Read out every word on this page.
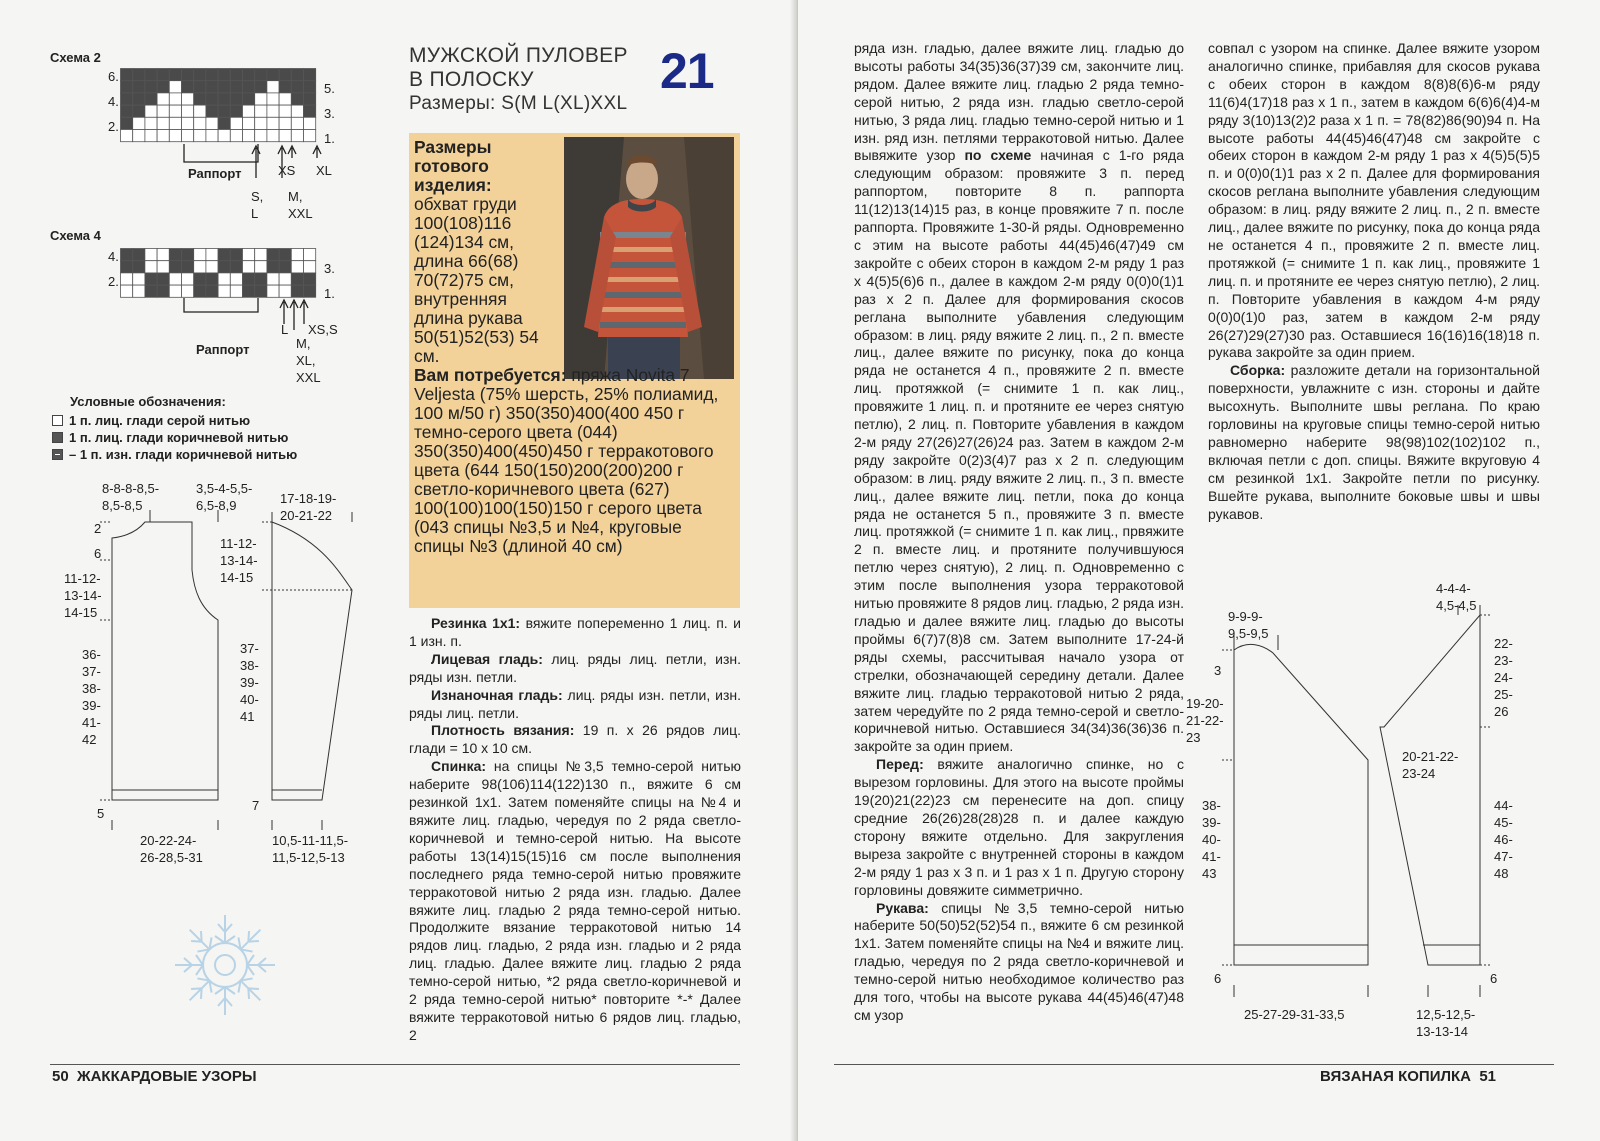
Схема 2
6.
4.
2.
5.
3.
1.
Раппорт	XS XL
S,
L
M,
XXL
Схема 4
4.
2.
3.
1.
Раппорт
L XS,S
M,
XL,
XXL
Условные обозначения:
1 п. лиц. глади серой нитью
1 п. лиц. глади коричневой нитью
– 1 п. изн. глади коричневой нитью
8-8-8-8,5-
8,5-8,5
3,5-4-5,5-
6,5-8,9
2
6
11-12-
13-14-
14-15
36-
37-
38-
39-
41-
42
5
20-22-24-
26-28,5-31
17-18-19-
20-21-22
11-12-
13-14-
14-15
37-
38-
39-
40-
41
7
10,5-11-11,5-
11,5-12,5-13
МУЖСКОЙ ПУЛОВЕР
В ПОЛОСКУ
Размеры: S(M L(XL)XXL
21
Размеры готового изделия:
обхват груди 100(108)116 (124)134 см, длина 66(68) 70(72)75 см, внутренняя длина рукава 50(51)52(53) 54 см.
Вам потребуется: пряжа Novita 7 Veljesta (75% шерсть, 25% полиамид, 100 м/50 г) 350(350)400(400 450 г темно-серого цвета (044) 350(350)400(450)450 г терракотового цвета (644 150(150)200(200)200 г светло-коричневого цвета (627) 100(100)100(150)150 г серого цвета (043 спицы №3,5 и №4, круговые спицы №3 (длиной 40 см)

Резинка 1х1: вяжите попеременно 1 лиц. п. и 1 изн. п.

Лицевая гладь: лиц. ряды лиц. петли, изн. ряды изн. петли.

Изнаночная гладь: лиц. ряды изн. петли, изн. ряды лиц. петли.

Плотность вязания: 19 п. х 26 рядов лиц. глади = 10 х 10 см.

Спинка: на спицы №3,5 темно-серой нитью наберите 98(106)114(122)130 п., вяжите 6 см резинкой 1х1. Затем поменяйте спицы на №4 и вяжите лиц. гладью, чередуя по 2 ряда светло-коричневой и темно-серой нитью. На высоте работы 13(14)15(15)16 см после выполнения последнего ряда темно-серой нитью провяжите терракотовой нитью 2 ряда изн. гладью. Далее вяжите лиц. гладью 2 ряда темно-серой нитью. Продолжите вязание терракотовой нитью 14 рядов лиц. гладью, 2 ряда изн. гладью и 2 ряда лиц. гладью. Далее вяжите лиц. гладью 2 ряда темно-серой нитью, *2 ряда светло-коричневой и 2 ряда темно-серой нитью* повторите *-* Далее вяжите терракотовой нитью 6 рядов лиц. гладью, 2

50 ЖАККАРДОВЫЕ УЗОРЫ

ряда изн. гладью, далее вяжите лиц. гладью до высоты работы 34(35)36(37)39 см, закончите лиц. рядом. Далее вяжите лиц. гладью 2 ряда темно-серой нитью, 2 ряда изн. гладью светло-серой нитью, 3 ряда лиц. гладью темно-серой нитью и 1 изн. ряд изн. петлями терракотовой нитью. Далее вывяжите узор по схеме начиная с 1-го ряда следующим образом: провяжите 3 п. перед раппортом, повторите 8 п. раппорта 11(12)13(14)15 раз, в конце провяжите 7 п. после раппорта. Провяжите 1-30-й ряды. Одновременно с этим на высоте работы 44(45)46(47)49 см закройте с обеих сторон в каждом 2-м ряду 1 раз х 4(5)5(6)6 п., далее в каждом 2-м ряду 0(0)0(1)1 раз х 2 п. Далее для формирования скосов реглана выполните убавления следующим образом: в лиц. ряду вяжите 2 лиц. п., 2 п. вместе лиц., далее вяжите по рисунку, пока до конца ряда не останется 4 п., провяжите 2 п. вместе лиц. протяжкой (= снимите 1 п. как лиц., провяжите 1 лиц. п. и протяните ее через снятую петлю), 2 лиц. п. Повторите убавления в каждом 2-м ряду 27(26)27(26)24 раз. Затем в каждом 2-м ряду закройте 0(2)3(4)7 раз х 2 п. следующим образом: в лиц. ряду вяжите 2 лиц. п., 3 п. вместе лиц., далее вяжите лиц. петли, пока до конца ряда не останется 5 п., провяжите 3 п. вместе лиц. протяжкой (= снимите 1 п. как лиц., првяжите 2 п. вместе лиц. и протяните получившуюся петлю через снятую), 2 лиц. п. Одновременно с этим после выполнения узора терракотовой нитью провяжите 8 рядов лиц. гладью, 2 ряда изн. гладью и далее вяжите лиц. гладью до высоты проймы 6(7)7(8)8 см. Затем выполните 17-24-й ряды схемы, рассчитывая начало узора от стрелки, обозначающей середину детали. Далее вяжите лиц. гладью терракотовой нитью 2 ряда, затем чередуйте по 2 ряда темно-серой и светло-коричневой нитью. Оставшиеся 34(34)36(36)36 п. закройте за один прием.

Перед: вяжите аналогично спинке, но с вырезом горловины. Для этого на высоте проймы 19(20)21(22)23 см перенесите на доп. спицу средние 26(26)28(28)28 п. и далее каждую сторону вяжите отдельно. Для закругления выреза закройте с внутренней стороны в каждом 2-м ряду 1 раз х 3 п. и 1 раз х 1 п. Другую сторону горловины довяжите симметрично.

Рукава: спицы №3,5 темно-серой нитью наберите 50(50)52(52)54 п., вяжите 6 см резинкой 1х1. Затем поменяйте спицы на №4 и вяжите лиц. гладью, чередуя по 2 ряда светло-коричневой и темно-серой нитью необходимое количество раз для того, чтобы на высоте рукава 44(45)46(47)48 см узор

совпал с узором на спинке. Далее вяжите узором аналогично спинке, прибавляя для скосов рукава с обеих сторон в каждом 8(8)8(6)6-м ряду 11(6)4(17)18 раз х 1 п., затем в каждом 6(6)6(4)4-м ряду 3(10)13(2)2 раза х 1 п. = 78(82)86(90)94 п. На высоте работы 44(45)46(47)48 см закройте с обеих сторон в каждом 2-м ряду 1 раз х 4(5)5(5)5 п. и 0(0)0(1)1 раз х 2 п. Далее для формирования скосов реглана выполните убавления следующим образом: в лиц. ряду вяжите 2 лиц. п., 2 п. вместе лиц., далее вяжите по рисунку, пока до конца ряда не останется 4 п., провяжите 2 п. вместе лиц. протяжкой (= снимите 1 п. как лиц., провяжите 1 лиц. п. и протяните ее через снятую петлю), 2 лиц. п. Повторите убавления в каждом 4-м ряду 0(0)0(1)0 раз, затем в каждом 2-м ряду 26(27)29(27)30 раз. Оставшиеся 16(16)16(18)18 п. рукава закройте за один прием.

Сборка: разложите детали на горизонтальной поверхности, увлажните с изн. стороны и дайте высохнуть. Выполните швы реглана. По краю горловины на круговые спицы темно-серой нитью равномерно наберите 98(98)102(102)102 п., включая петли с доп. спицы. Вяжите вкруговую 4 см резинкой 1х1. Закройте петли по рисунку. Вшейте рукава, выполните боковые швы и швы рукавов.

9-9-9-
9,5-9,5
3
19-20-
21-22-
23
38-
39-
40-
41-
43
6
25-27-29-31-33,5
4-4-4-
4,5-4,5
22-
23-
24-
25-
26
20-21-22-
23-24
44-
45-
46-
47-
48
6
12,5-12,5-
13-13-14
ВЯЗАНАЯ КОПИЛКА 51
